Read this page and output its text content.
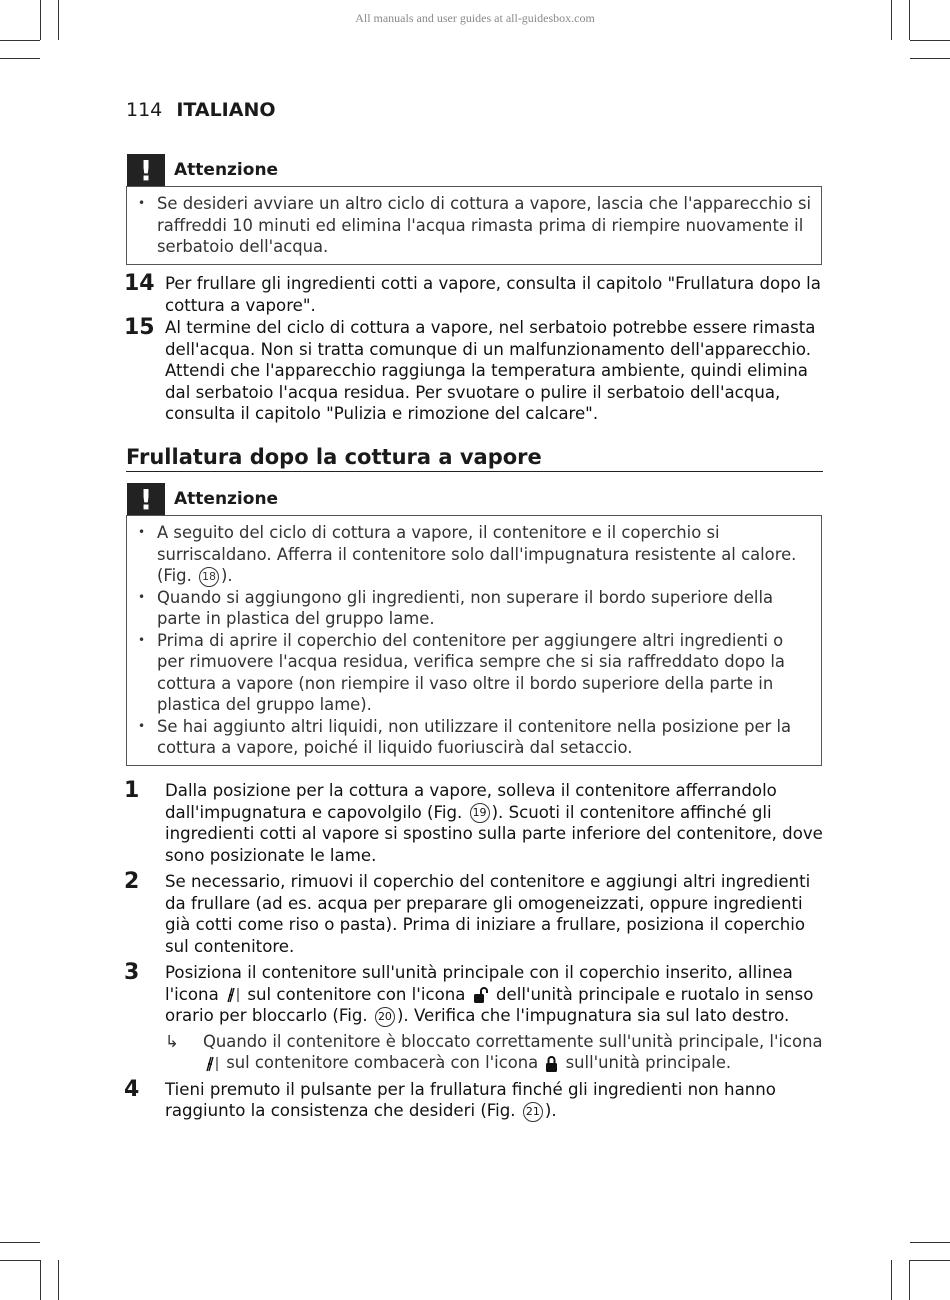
All manuals and user guides at all-guidesbox.com
114 ITALIANO
!	Attenzione
• Se desideri avviare un altro ciclo di cottura a vapore, lascia che l'apparecchio si raffreddi 10 minuti ed elimina l'acqua rimasta prima di riempire nuovamente il serbatoio dell'acqua.
14 Per frullare gli ingredienti cotti a vapore, consulta il capitolo "Frullatura dopo la cottura a vapore".
15 Al termine del ciclo di cottura a vapore, nel serbatoio potrebbe essere rimasta dell'acqua. Non si tratta comunque di un malfunzionamento dell'apparecchio. Attendi che l'apparecchio raggiunga la temperatura ambiente, quindi elimina dal serbatoio l'acqua residua. Per svuotare o pulire il serbatoio dell'acqua, consulta il capitolo "Pulizia e rimozione del calcare".
Frullatura dopo la cottura a vapore
!	Attenzione
• A seguito del ciclo di cottura a vapore, il contenitore e il coperchio si surriscaldano. Afferra il contenitore solo dall'impugnatura resistente al calore. (Fig. 18 ).
• Quando si aggiungono gli ingredienti, non superare il bordo superiore della parte in plastica del gruppo lame.
• Prima di aprire il coperchio del contenitore per aggiungere altri ingredienti o per rimuovere l'acqua residua, verifica sempre che si sia raffreddato dopo la cottura a vapore (non riempire il vaso oltre il bordo superiore della parte in plastica del gruppo lame).
• Se hai aggiunto altri liquidi, non utilizzare il contenitore nella posizione per la cottura a vapore, poiché il liquido fuoriuscirà dal setaccio.
1	Dalla posizione per la cottura a vapore, solleva il contenitore afferrandolo dall'impugnatura e capovolgilo (Fig. 19 ). Scuoti il contenitore affinché gli ingredienti cotti al vapore si spostino sulla parte inferiore del contenitore, dove sono posizionate le lame.
2	Se necessario, rimuovi il coperchio del contenitore e aggiungi altri ingredienti da frullare (ad es. acqua per preparare gli omogeneizzati, oppure ingredienti già cotti come riso o pasta). Prima di iniziare a frullare, posiziona il coperchio sul contenitore.
3	Posiziona il contenitore sull'unità principale con il coperchio inserito, allinea l'icona sul contenitore con l'icona dell'unità principale e ruotalo in senso orario per bloccarlo (Fig. 20 ). Verifica che l'impugnatura sia sul lato destro.
↳	Quando il contenitore è bloccato correttamente sull'unità principale, l'icona  sul contenitore combacerà con l'icona sull'unità principale.
4	Tieni premuto il pulsante per la frullatura finché gli ingredienti non hanno raggiunto la consistenza che desideri (Fig. 21 ).
